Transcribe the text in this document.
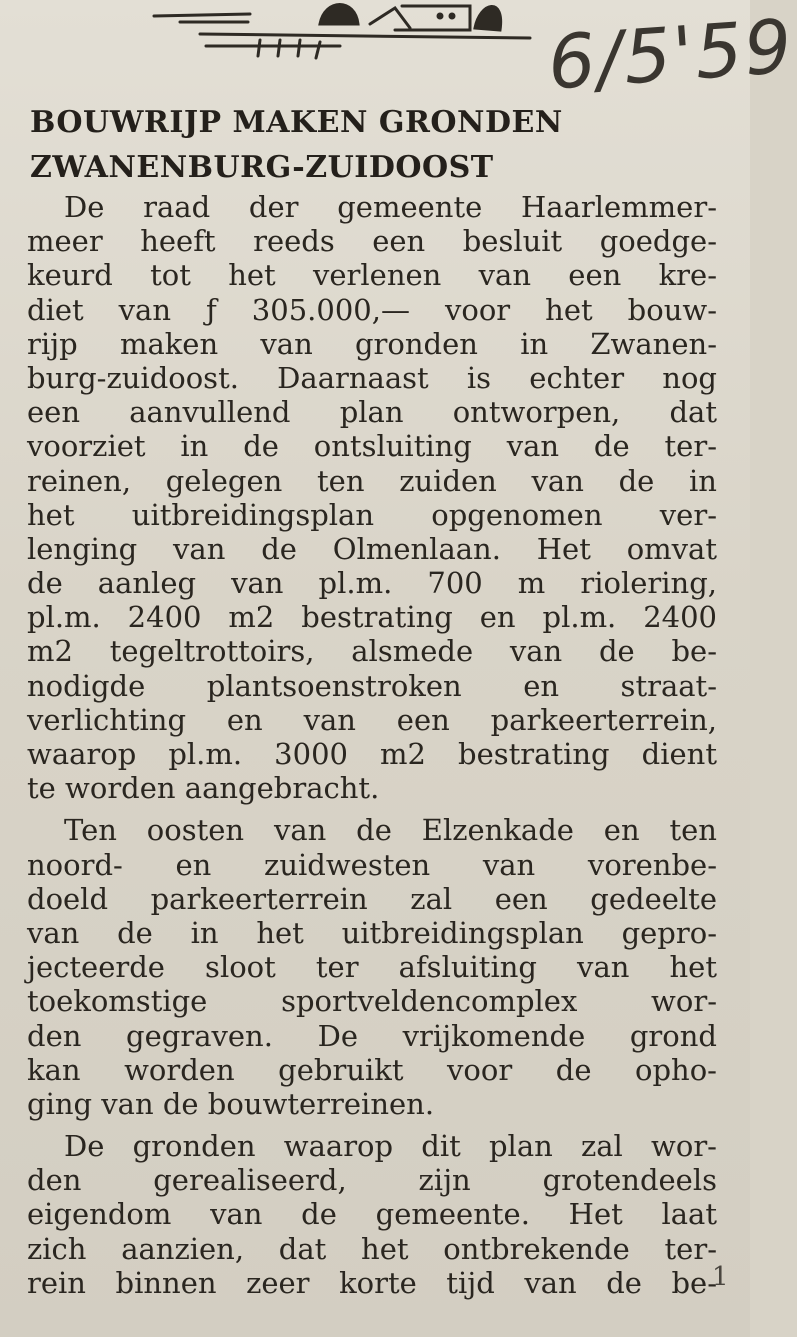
6/5'59
BOUWRIJP MAKEN GRONDEN
ZWANENBURG-ZUIDOOST
De raad der gemeente Haarlemmer-
meer heeft reeds een besluit goedge-
keurd tot het verlenen van een kre-
diet van ƒ 305.000,— voor het bouw-
rijp maken van gronden in Zwanen-
burg-zuidoost. Daarnaast is echter nog
een aanvullend plan ontworpen, dat
voorziet in de ontsluiting van de ter-
reinen, gelegen ten zuiden van de in
het uitbreidingsplan opgenomen ver-
lenging van de Olmenlaan. Het omvat
de aanleg van pl.m. 700 m riolering,
pl.m. 2400 m2 bestrating en pl.m. 2400
m2 tegeltrottoirs, alsmede van de be-
nodigde plantsoenstroken en straat-
verlichting en van een parkeerterrein,
waarop pl.m. 3000 m2 bestrating dient
te worden aangebracht.
Ten oosten van de Elzenkade en ten
noord- en zuidwesten van vorenbe-
doeld parkeerterrein zal een gedeelte
van de in het uitbreidingsplan gepro-
jecteerde sloot ter afsluiting van het
toekomstige sportveldencomplex wor-
den gegraven. De vrijkomende grond
kan worden gebruikt voor de opho-
ging van de bouwterreinen.
De gronden waarop dit plan zal wor-
den gerealiseerd, zijn grotendeels
eigendom van de gemeente. Het laat
zich aanzien, dat het ontbrekende ter-
rein binnen zeer korte tijd van de be-
1
